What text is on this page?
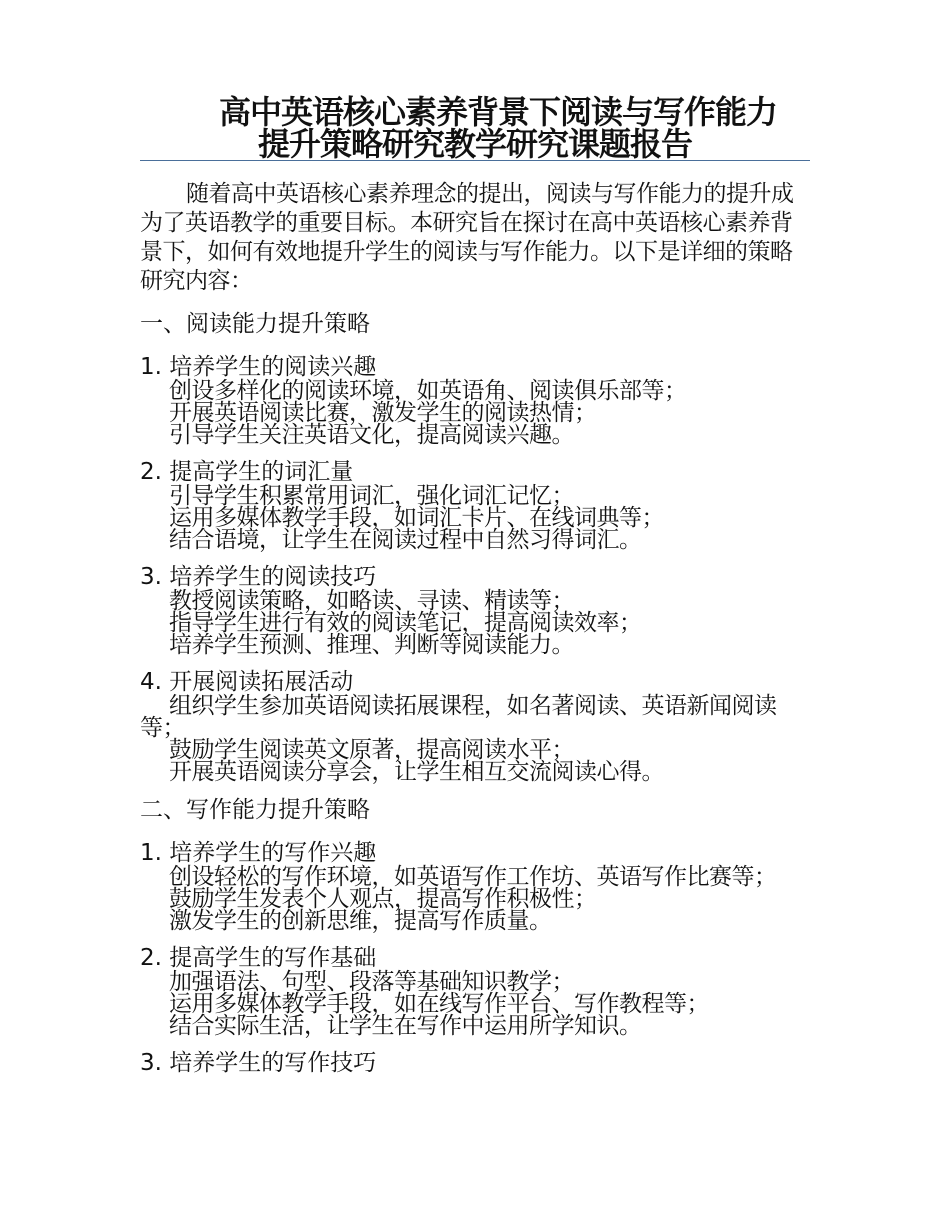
高中英语核心素养背景下阅读与写作能力
提升策略研究教学研究课题报告

随着高中英语核心素养理念的提出，阅读与写作能力的提升成为了英语教学的重要目标。本研究旨在探讨在高中英语核心素养背景下，如何有效地提升学生的阅读与写作能力。以下是详细的策略研究内容：

一、阅读能力提升策略

1. 培养学生的阅读兴趣

创设多样化的阅读环境，如英语角、阅读俱乐部等；

开展英语阅读比赛，激发学生的阅读热情；

引导学生关注英语文化，提高阅读兴趣。

2. 提高学生的词汇量

引导学生积累常用词汇，强化词汇记忆；

运用多媒体教学手段，如词汇卡片、在线词典等；

结合语境，让学生在阅读过程中自然习得词汇。

3. 培养学生的阅读技巧

教授阅读策略，如略读、寻读、精读等；

指导学生进行有效的阅读笔记，提高阅读效率；

培养学生预测、推理、判断等阅读能力。

4. 开展阅读拓展活动

组织学生参加英语阅读拓展课程，如名著阅读、英语新闻阅读等；

鼓励学生阅读英文原著，提高阅读水平；

开展英语阅读分享会，让学生相互交流阅读心得。

二、写作能力提升策略

1. 培养学生的写作兴趣

创设轻松的写作环境，如英语写作工作坊、英语写作比赛等；

鼓励学生发表个人观点，提高写作积极性；

激发学生的创新思维，提高写作质量。

2. 提高学生的写作基础

加强语法、句型、段落等基础知识教学；

运用多媒体教学手段，如在线写作平台、写作教程等；

结合实际生活，让学生在写作中运用所学知识。

3. 培养学生的写作技巧
